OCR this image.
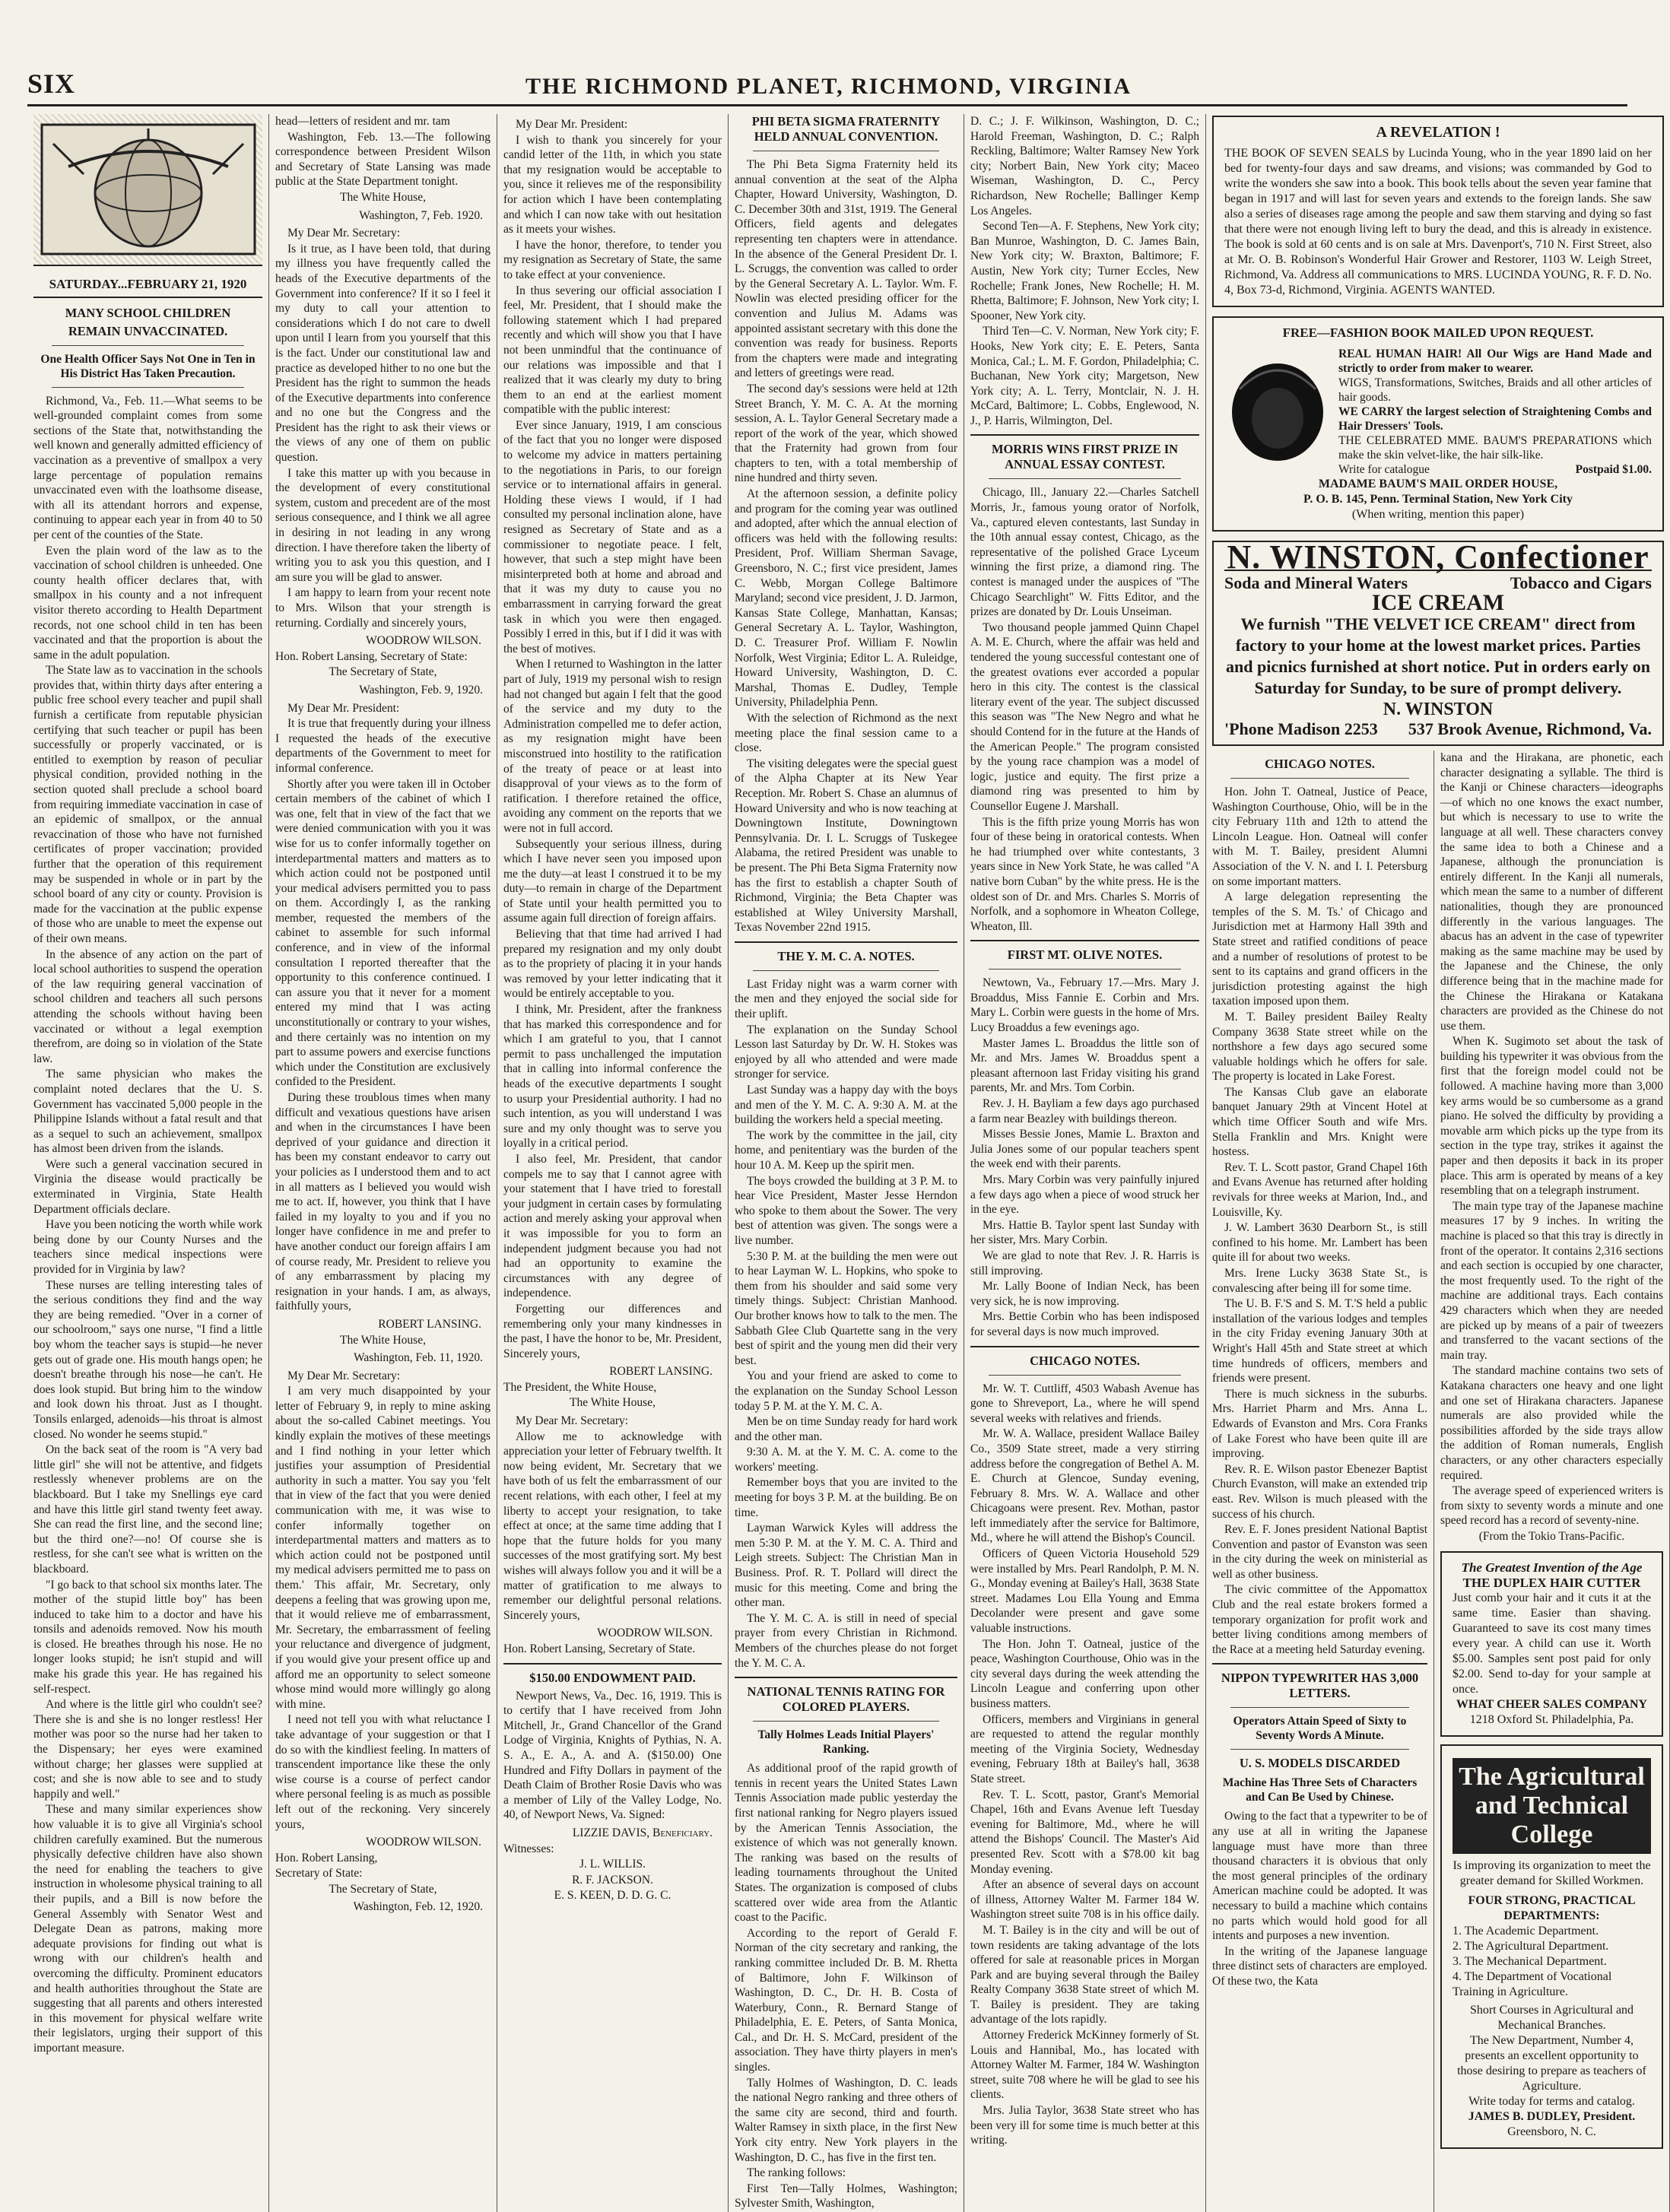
SIX	THE RICHMOND PLANET, RICHMOND, VIRGINIA
SATURDAY...FEBRUARY 21, 1920
MANY SCHOOL CHILDREN
REMAIN UNVACCINATED.
One Health Officer Says Not One in Ten in His District Has Taken Precaution.

Richmond, Va., Feb. 11.—What seems to be well-grounded complaint comes from some sections of the State that, notwithstanding the well known and generally admitted efficiency of vaccination as a preventive of smallpox a very large percentage of population remains unvaccinated even with the loathsome disease, with all its attendant horrors and expense, continuing to appear each year in from 40 to 50 per cent of the counties of the State.

Even the plain word of the law as to the vaccination of school children is unheeded. One county health officer declares that, with smallpox in his county and a not infrequent visitor thereto according to Health Department records, not one school child in ten has been vaccinated and that the proportion is about the same in the adult population.

The State law as to vaccination in the schools provides that, within thirty days after entering a public free school every teacher and pupil shall furnish a certificate from reputable physician certifying that such teacher or pupil has been successfully or properly vaccinated, or is entitled to exemption by reason of peculiar physical condition, provided nothing in the section quoted shall preclude a school board from requiring immediate vaccination in case of an epidemic of smallpox, or the annual revaccination of those who have not furnished certificates of proper vaccination; provided further that the operation of this requirement may be suspended in whole or in part by the school board of any city or county. Provision is made for the vaccination at the public expense of those who are unable to meet the expense out of their own means.

In the absence of any action on the part of local school authorities to suspend the operation of the law requiring general vaccination of school children and teachers all such persons attending the schools without having been vaccinated or without a legal exemption therefrom, are doing so in violation of the State law.

The same physician who makes the complaint noted declares that the U. S. Government has vaccinated 5,000 people in the Philippine Islands without a fatal result and that as a sequel to such an achievement, smallpox has almost been driven from the islands.

Were such a general vaccination secured in Virginia the disease would practically be exterminated in Virginia, State Health Department officials declare.

Have you been noticing the worth while work being done by our County Nurses and the teachers since medical inspections were provided for in Virginia by law?

These nurses are telling interesting tales of the serious conditions they find and the way they are being remedied. "Over in a corner of our schoolroom," says one nurse, "I find a little boy whom the teacher says is stupid—he never gets out of grade one. His mouth hangs open; he doesn't breathe through his nose—he can't. He does look stupid. But bring him to the window and look down his throat. Just as I thought. Tonsils enlarged, adenoids—his throat is almost closed. No wonder he seems stupid."

On the back seat of the room is "A very bad little girl" she will not be attentive, and fidgets restlessly whenever problems are on the blackboard. But I take my Snellings eye card and have this little girl stand twenty feet away. She can read the first line, and the second line; but the third one?—no! Of course she is restless, for she can't see what is written on the blackboard.

"I go back to that school six months later. The mother of the stupid little boy" has been induced to take him to a doctor and have his tonsils and adenoids removed. Now his mouth is closed. He breathes through his nose. He no longer looks stupid; he isn't stupid and will make his grade this year. He has regained his self-respect.

And where is the little girl who couldn't see? There she is and she is no longer restless! Her mother was poor so the nurse had her taken to the Dispensary; her eyes were examined without charge; her glasses were supplied at cost; and she is now able to see and to study happily and well."

These and many similar experiences show how valuable it is to give all Virginia's school children carefully examined. But the numerous physically defective children have also shown the need for enabling the teachers to give instruction in wholesome physical training to all their pupils, and a Bill is now before the General Assembly with Senator West and Delegate Dean as patrons, making more adequate provisions for finding out what is wrong with our children's health and overcoming the difficulty. Prominent educators and health authorities throughout the State are suggesting that all parents and others interested in this movement for physical welfare write their legislators, urging their support of this important measure.

head—letters of resident and mr. tam

Washington, Feb. 13.—The following correspondence between President Wilson and Secretary of State Lansing was made public at the State Department tonight.

The White House,

Washington, 7, Feb. 1920.

My Dear Mr. Secretary:

Is it true, as I have been told, that during my illness you have frequently called the heads of the Executive departments of the Government into conference? If it so I feel it my duty to call your attention to considerations which I do not care to dwell upon until I learn from you yourself that this is the fact. Under our constitutional law and practice as developed hither to no one but the President has the right to summon the heads of the Executive departments into conference and no one but the Congress and the President has the right to ask their views or the views of any one of them on public question.

I take this matter up with you because in the development of every constitutional system, custom and precedent are of the most serious consequence, and I think we all agree in desiring in not leading in any wrong direction. I have therefore taken the liberty of writing you to ask you this question, and I am sure you will be glad to answer.

I am happy to learn from your recent note to Mrs. Wilson that your strength is returning. Cordially and sincerely yours,

WOODROW WILSON.

Hon. Robert Lansing, Secretary of State:

The Secretary of State,

Washington, Feb. 9, 1920.

My Dear Mr. President:

It is true that frequently during your illness I requested the heads of the executive departments of the Government to meet for informal conference.

Shortly after you were taken ill in October certain members of the cabinet of which I was one, felt that in view of the fact that we were denied communication with you it was wise for us to confer informally together on interdepartmental matters and matters as to which action could not be postponed until your medical advisers permitted you to pass on them. Accordingly I, as the ranking member, requested the members of the cabinet to assemble for such informal conference, and in view of the informal consultation I reported thereafter that the opportunity to this conference continued. I can assure you that it never for a moment entered my mind that I was acting unconstitutionally or contrary to your wishes, and there certainly was no intention on my part to assume powers and exercise functions which under the Constitution are exclusively confided to the President.

During these troublous times when many difficult and vexatious questions have arisen and when in the circumstances I have been deprived of your guidance and direction it has been my constant endeavor to carry out your policies as I understood them and to act in all matters as I believed you would wish me to act. If, however, you think that I have failed in my loyalty to you and if you no longer have confidence in me and prefer to have another conduct our foreign affairs I am of course ready, Mr. President to relieve you of any embarrassment by placing my resignation in your hands. I am, as always, faithfully yours,

ROBERT LANSING.

The White House,

Washington, Feb. 11, 1920.

My Dear Mr. Secretary:

I am very much disappointed by your letter of February 9, in reply to mine asking about the so-called Cabinet meetings. You kindly explain the motives of these meetings and I find nothing in your letter which justifies your assumption of Presidential authority in such a matter. You say you 'felt that in view of the fact that you were denied communication with me, it was wise to confer informally together on interdepartmental matters and matters as to which action could not be postponed until my medical advisers permitted me to pass on them.' This affair, Mr. Secretary, only deepens a feeling that was growing upon me, that it would relieve me of embarrassment, Mr. Secretary, the embarrassment of feeling your reluctance and divergence of judgment, if you would give your present office up and afford me an opportunity to select someone whose mind would more willingly go along with mine.

I need not tell you with what reluctance I take advantage of your suggestion or that I do so with the kindliest feeling. In matters of transcendent importance like these the only wise course is a course of perfect candor where personal feeling is as much as possible left out of the reckoning. Very sincerely yours,

WOODROW WILSON.

Hon. Robert Lansing,

Secretary of State:

The Secretary of State,

Washington, Feb. 12, 1920.

My Dear Mr. President:

I wish to thank you sincerely for your candid letter of the 11th, in which you state that my resignation would be acceptable to you, since it relieves me of the responsibility for action which I have been contemplating and which I can now take with out hesitation as it meets your wishes.

I have the honor, therefore, to tender you my resignation as Secretary of State, the same to take effect at your convenience.

In thus severing our official association I feel, Mr. President, that I should make the following statement which I had prepared recently and which will show you that I have not been unmindful that the continuance of our relations was impossible and that I realized that it was clearly my duty to bring them to an end at the earliest moment compatible with the public interest:

Ever since January, 1919, I am conscious of the fact that you no longer were disposed to welcome my advice in matters pertaining to the negotiations in Paris, to our foreign service or to international affairs in general. Holding these views I would, if I had consulted my personal inclination alone, have resigned as Secretary of State and as a commissioner to negotiate peace. I felt, however, that such a step might have been misinterpreted both at home and abroad and that it was my duty to cause you no embarrassment in carrying forward the great task in which you were then engaged. Possibly I erred in this, but if I did it was with the best of motives.

When I returned to Washington in the latter part of July, 1919 my personal wish to resign had not changed but again I felt that the good of the service and my duty to the Administration compelled me to defer action, as my resignation might have been misconstrued into hostility to the ratification of the treaty of peace or at least into disapproval of your views as to the form of ratification. I therefore retained the office, avoiding any comment on the reports that we were not in full accord.

Subsequently your serious illness, during which I have never seen you imposed upon me the duty—at least I construed it to be my duty—to remain in charge of the Department of State until your health permitted you to assume again full direction of foreign affairs.

Believing that that time had arrived I had prepared my resignation and my only doubt as to the propriety of placing it in your hands was removed by your letter indicating that it would be entirely acceptable to you.

I think, Mr. President, after the frankness that has marked this correspondence and for which I am grateful to you, that I cannot permit to pass unchallenged the imputation that in calling into informal conference the heads of the executive departments I sought to usurp your Presidential authority. I had no such intention, as you will understand I was sure and my only thought was to serve you loyally in a critical period.

I also feel, Mr. President, that candor compels me to say that I cannot agree with your statement that I have tried to forestall your judgment in certain cases by formulating action and merely asking your approval when it was impossible for you to form an independent judgment because you had not had an opportunity to examine the circumstances with any degree of independence.

Forgetting our differences and remembering only your many kindnesses in the past, I have the honor to be, Mr. President, Sincerely yours,

ROBERT LANSING.

The President, the White House,

The White House,

My Dear Mr. Secretary:

Allow me to acknowledge with appreciation your letter of February twelfth. It now being evident, Mr. Secretary that we have both of us felt the embarrassment of our recent relations, with each other, I feel at my liberty to accept your resignation, to take effect at once; at the same time adding that I hope that the future holds for you many successes of the most gratifying sort. My best wishes will always follow you and it will be a matter of gratification to me always to remember our delightful personal relations. Sincerely yours,

WOODROW WILSON.

Hon. Robert Lansing, Secretary of State.

$150.00 ENDOWMENT PAID.

Newport News, Va., Dec. 16, 1919. This is to certify that I have received from John Mitchell, Jr., Grand Chancellor of the Grand Lodge of Virginia, Knights of Pythias, N. A. S. A., E. A., A. and A. ($150.00) One Hundred and Fifty Dollars in payment of the Death Claim of Brother Rosie Davis who was a member of Lily of the Valley Lodge, No. 40, of Newport News, Va. Signed:

LIZZIE DAVIS, Beneficiary.

Witnesses:

J. L. WILLIS.

R. F. JACKSON.

E. S. KEEN, D. D. G. C.

PHI BETA SIGMA FRATERNITY HELD ANNUAL CONVENTION.

The Phi Beta Sigma Fraternity held its annual convention at the seat of the Alpha Chapter, Howard University, Washington, D. C. December 30th and 31st, 1919. The General Officers, field agents and delegates representing ten chapters were in attendance. In the absence of the General President Dr. I. L. Scruggs, the convention was called to order by the General Secretary A. L. Taylor. Wm. F. Nowlin was elected presiding officer for the convention and Julius M. Adams was appointed assistant secretary with this done the convention was ready for business. Reports from the chapters were made and integrating and letters of greetings were read.

The second day's sessions were held at 12th Street Branch, Y. M. C. A. At the morning session, A. L. Taylor General Secretary made a report of the work of the year, which showed that the Fraternity had grown from four chapters to ten, with a total membership of nine hundred and thirty seven.

At the afternoon session, a definite policy and program for the coming year was outlined and adopted, after which the annual election of officers was held with the following results: President, Prof. William Sherman Savage, Greensboro, N. C.; first vice president, James C. Webb, Morgan College Baltimore Maryland; second vice president, J. D. Jarmon, Kansas State College, Manhattan, Kansas; General Secretary A. L. Taylor, Washington, D. C. Treasurer Prof. William F. Nowlin Norfolk, West Virginia; Editor L. A. Ruleidge, Howard University, Washington, D. C. Marshal, Thomas E. Dudley, Temple University, Philadelphia Penn.

With the selection of Richmond as the next meeting place the final session came to a close.

The visiting delegates were the special guest of the Alpha Chapter at its New Year Reception. Mr. Robert S. Chase an alumnus of Howard University and who is now teaching at Downingtown Institute, Downingtown Pennsylvania. Dr. I. L. Scruggs of Tuskegee Alabama, the retired President was unable to be present. The Phi Beta Sigma Fraternity now has the first to establish a chapter South of Richmond, Virginia; the Beta Chapter was established at Wiley University Marshall, Texas November 22nd 1915.

THE Y. M. C. A. NOTES.

Last Friday night was a warm corner with the men and they enjoyed the social side for their uplift.

The explanation on the Sunday School Lesson last Saturday by Dr. W. H. Stokes was enjoyed by all who attended and were made stronger for service.

Last Sunday was a happy day with the boys and men of the Y. M. C. A. 9:30 A. M. at the building the workers held a special meeting.

The work by the committee in the jail, city home, and penitentiary was the burden of the hour 10 A. M. Keep up the spirit men.

The boys crowded the building at 3 P. M. to hear Vice President, Master Jesse Herndon who spoke to them about the Sower. The very best of attention was given. The songs were a live number.

5:30 P. M. at the building the men were out to hear Layman W. L. Hopkins, who spoke to them from his shoulder and said some very timely things. Subject: Christian Manhood. Our brother knows how to talk to the men. The Sabbath Glee Club Quartette sang in the very best of spirit and the young men did their very best.

You and your friend are asked to come to the explanation on the Sunday School Lesson today 5 P. M. at the Y. M. C. A.

Men be on time Sunday ready for hard work and the other man.

9:30 A. M. at the Y. M. C. A. come to the workers' meeting.

Remember boys that you are invited to the meeting for boys 3 P. M. at the building. Be on time.

Layman Warwick Kyles will address the men 5:30 P. M. at the Y. M. C. A. Third and Leigh streets. Subject: The Christian Man in Business. Prof. R. T. Pollard will direct the music for this meeting. Come and bring the other man.

The Y. M. C. A. is still in need of special prayer from every Christian in Richmond. Members of the churches please do not forget the Y. M. C. A.

NATIONAL TENNIS RATING FOR COLORED PLAYERS.
Tally Holmes Leads Initial Players' Ranking.

As additional proof of the rapid growth of tennis in recent years the United States Lawn Tennis Association made public yesterday the first national ranking for Negro players issued by the American Tennis Association, the existence of which was not generally known. The ranking was based on the results of leading tournaments throughout the United States. The organization is composed of clubs scattered over wide area from the Atlantic coast to the Pacific.

According to the report of Gerald F. Norman of the city secretary and ranking, the ranking committee included Dr. B. M. Rhetta of Baltimore, John F. Wilkinson of Washington, D. C., Dr. H. B. Costa of Waterbury, Conn., R. Bernard Stange of Philadelphia, E. E. Peters, of Santa Monica, Cal., and Dr. H. S. McCard, president of the association. They have thirty players in men's singles.

Tally Holmes of Washington, D. C. leads the national Negro ranking and three others of the same city are second, third and fourth. Walter Ramsey in sixth place, in the first New York city entry. New York players in the Washington, D. C., has five in the first ten.

The ranking follows:

First Ten—Tally Holmes, Washington; Sylvester Smith, Washington,

D. C.; J. F. Wilkinson, Washington, D. C.; Harold Freeman, Washington, D. C.; Ralph Reckling, Baltimore; Walter Ramsey New York city; Norbert Bain, New York city; Maceo Wiseman, Washington, D. C., Percy Richardson, New Rochelle; Ballinger Kemp Los Angeles.

Second Ten—A. F. Stephens, New York city; Ban Munroe, Washington, D. C. James Bain, New York city; W. Braxton, Baltimore; F. Austin, New York city; Turner Eccles, New Rochelle; Frank Jones, New Rochelle; H. M. Rhetta, Baltimore; F. Johnson, New York city; I. Spooner, New York city.

Third Ten—C. V. Norman, New York city; F. Hooks, New York city; E. E. Peters, Santa Monica, Cal.; L. M. F. Gordon, Philadelphia; C. Buchanan, New York city; Margetson, New York city; A. L. Terry, Montclair, N. J. H. McCard, Baltimore; L. Cobbs, Englewood, N. J., P. Harris, Wilmington, Del.

MORRIS WINS FIRST PRIZE IN ANNUAL ESSAY CONTEST.

Chicago, Ill., January 22.—Charles Satchell Morris, Jr., famous young orator of Norfolk, Va., captured eleven contestants, last Sunday in the 10th annual essay contest, Chicago, as the representative of the polished Grace Lyceum winning the first prize, a diamond ring. The contest is managed under the auspices of "The Chicago Searchlight" W. Fitts Editor, and the prizes are donated by Dr. Louis Unseiman.

Two thousand people jammed Quinn Chapel A. M. E. Church, where the affair was held and tendered the young successful contestant one of the greatest ovations ever accorded a popular hero in this city. The contest is the classical literary event of the year. The subject discussed this season was "The New Negro and what he should Contend for in the future at the Hands of the American People." The program consisted by the young race champion was a model of logic, justice and equity. The first prize a diamond ring was presented to him by Counsellor Eugene J. Marshall.

This is the fifth prize young Morris has won four of these being in oratorical contests. When he had triumphed over white contestants, 3 years since in New York State, he was called "A native born Cuban" by the white press. He is the oldest son of Dr. and Mrs. Charles S. Morris of Norfolk, and a sophomore in Wheaton College, Wheaton, Ill.

FIRST MT. OLIVE NOTES.

Newtown, Va., February 17.—Mrs. Mary J. Broaddus, Miss Fannie E. Corbin and Mrs. Mary L. Corbin were guests in the home of Mrs. Lucy Broaddus a few evenings ago.

Master James L. Broaddus the little son of Mr. and Mrs. James W. Broaddus spent a pleasant afternoon last Friday visiting his grand parents, Mr. and Mrs. Tom Corbin.

Rev. J. H. Bayliam a few days ago purchased a farm near Beazley with buildings thereon.

Misses Bessie Jones, Mamie L. Braxton and Julia Jones some of our popular teachers spent the week end with their parents.

Mrs. Mary Corbin was very painfully injured a few days ago when a piece of wood struck her in the eye.

Mrs. Hattie B. Taylor spent last Sunday with her sister, Mrs. Mary Corbin.

We are glad to note that Rev. J. R. Harris is still improving.

Mr. Lally Boone of Indian Neck, has been very sick, he is now improving.

Mrs. Bettie Corbin who has been indisposed for several days is now much improved.

CHICAGO NOTES.

Mr. W. T. Cuttliff, 4503 Wabash Avenue has gone to Shreveport, La., where he will spend several weeks with relatives and friends.

Mr. W. A. Wallace, president Wallace Bailey Co., 3509 State street, made a very stirring address before the congregation of Bethel A. M. E. Church at Glencoe, Sunday evening, February 8. Mrs. W. A. Wallace and other Chicagoans were present. Rev. Mothan, pastor left immediately after the service for Baltimore, Md., where he will attend the Bishop's Council.

Officers of Queen Victoria Household 529 were installed by Mrs. Pearl Randolph, P. M. N. G., Monday evening at Bailey's Hall, 3638 State street. Madames Lou Ella Young and Emma Decolander were present and gave some valuable instructions.

The Hon. John T. Oatneal, justice of the peace, Washington Courthouse, Ohio was in the city several days during the week attending the Lincoln League and conferring upon other business matters.

Officers, members and Virginians in general are requested to attend the regular monthly meeting of the Virginia Society, Wednesday evening, February 18th at Bailey's hall, 3638 State street.

Rev. T. L. Scott, pastor, Grant's Memorial Chapel, 16th and Evans Avenue left Tuesday evening for Baltimore, Md., where he will attend the Bishops' Council. The Master's Aid presented Rev. Scott with a $78.00 kit bag Monday evening.

After an absence of several days on account of illness, Attorney Walter M. Farmer 184 W. Washington street suite 708 is in his office daily.

M. T. Bailey is in the city and will be out of town residents are taking advantage of the lots offered for sale at reasonable prices in Morgan Park and are buying several through the Bailey Realty Company 3638 State street of which M. T. Bailey is president. They are taking advantage of the lots rapidly.

Attorney Frederick McKinney formerly of St. Louis and Hannibal, Mo., has located with Attorney Walter M. Farmer, 184 W. Washington street, suite 708 where he will be glad to see his clients.

Mrs. Julia Taylor, 3638 State street who has been very ill for some time is much better at this writing.

A REVELATION !
THE BOOK OF SEVEN SEALS by Lucinda Young, who in the year 1890 laid on her bed for twenty-four days and saw dreams, and visions; was commanded by God to write the wonders she saw into a book. This book tells about the seven year famine that began in 1917 and will last for seven years and extends to the foreign lands. She saw also a series of diseases rage among the people and saw them starving and dying so fast that there were not enough living left to bury the dead, and this is already in existence. The book is sold at 60 cents and is on sale at Mrs. Davenport's, 710 N. First Street, also at Mr. O. B. Robinson's Wonderful Hair Grower and Restorer, 1103 W. Leigh Street, Richmond, Va. Address all communications to MRS. LUCINDA YOUNG, R. F. D. No. 4, Box 73-d, Richmond, Virginia. AGENTS WANTED.
FREE—FASHION BOOK MAILED UPON REQUEST.
REAL HUMAN HAIR! All Our Wigs are Hand Made and strictly to order from maker to wearer.
WIGS, Transformations, Switches, Braids and all other articles of hair goods.
WE CARRY the largest selection of Straightening Combs and Hair Dressers' Tools.
THE CELEBRATED MME. BAUM'S PREPARATIONS which make the skin velvet-like, the hair silk-like.
Write for catalogue	Postpaid $1.00.
MADAME BAUM'S MAIL ORDER HOUSE,
P. O. B. 145, Penn. Terminal Station, New York City
(When writing, mention this paper)
N. WINSTON, Confectioner
Soda and Mineral Waters	Tobacco and Cigars
ICE CREAM
We furnish "THE VELVET ICE CREAM" direct from factory to your home at the lowest market prices. Parties and picnics furnished at short notice. Put in orders early on Saturday for Sunday, to be sure of prompt delivery.
N. WINSTON
'Phone Madison 2253 537 Brook Avenue, Richmond, Va.
CHICAGO NOTES.

Hon. John T. Oatneal, Justice of Peace, Washington Courthouse, Ohio, will be in the city February 11th and 12th to attend the Lincoln League. Hon. Oatneal will confer with M. T. Bailey, president Alumni Association of the V. N. and I. I. Petersburg on some important matters.

A large delegation representing the temples of the S. M. Ts.' of Chicago and Jurisdiction met at Harmony Hall 39th and State street and ratified conditions of peace and a number of resolutions of protest to be sent to its captains and grand officers in the jurisdiction protesting against the high taxation imposed upon them.

M. T. Bailey president Bailey Realty Company 3638 State street while on the northshore a few days ago secured some valuable holdings which he offers for sale. The property is located in Lake Forest.

The Kansas Club gave an elaborate banquet January 29th at Vincent Hotel at which time Officer South and wife Mrs. Stella Franklin and Mrs. Knight were hostess.

Rev. T. L. Scott pastor, Grand Chapel 16th and Evans Avenue has returned after holding revivals for three weeks at Marion, Ind., and Louisville, Ky.

J. W. Lambert 3630 Dearborn St., is still confined to his home. Mr. Lambert has been quite ill for about two weeks.

Mrs. Irene Lucky 3638 State St., is convalescing after being ill for some time.

The U. B. F.'S and S. M. T.'S held a public installation of the various lodges and temples in the city Friday evening January 30th at Wright's Hall 45th and State street at which time hundreds of officers, members and friends were present.

There is much sickness in the suburbs. Mrs. Harriet Pharm and Mrs. Anna L. Edwards of Evanston and Mrs. Cora Franks of Lake Forest who have been quite ill are improving.

Rev. R. E. Wilson pastor Ebenezer Baptist Church Evanston, will make an extended trip east. Rev. Wilson is much pleased with the success of his church.

Rev. E. F. Jones president National Baptist Convention and pastor of Evanston was seen in the city during the week on ministerial as well as other business.

The civic committee of the Appomattox Club and the real estate brokers formed a temporary organization for profit work and better living conditions among members of the Race at a meeting held Saturday evening.

NIPPON TYPEWRITER HAS 3,000 LETTERS.
Operators Attain Speed of Sixty to Seventy Words A Minute.
U. S. MODELS DISCARDED
Machine Has Three Sets of Characters and Can Be Used by Chinese.

Owing to the fact that a typewriter to be of any use at all in writing the Japanese language must have more than three thousand characters it is obvious that only the most general principles of the ordinary American machine could be adopted. It was necessary to build a machine which contains no parts which would hold good for all intents and purposes a new invention.

In the writing of the Japanese language three distinct sets of characters are employed. Of these two, the Kata

kana and the Hirakana, are phonetic, each character designating a syllable. The third is the Kanji or Chinese characters—ideographs—of which no one knows the exact number, but which is necessary to use to write the language at all well. These characters convey the same idea to both a Chinese and a Japanese, although the pronunciation is entirely different. In the Kanji all numerals, which mean the same to a number of different nationalities, though they are pronounced differently in the various languages. The abacus has an advent in the case of typewriter making as the same machine may be used by the Japanese and the Chinese, the only difference being that in the machine made for the Chinese the Hirakana or Katakana characters are provided as the Chinese do not use them.

When K. Sugimoto set about the task of building his typewriter it was obvious from the first that the foreign model could not be followed. A machine having more than 3,000 key arms would be so cumbersome as a grand piano. He solved the difficulty by providing a movable arm which picks up the type from its section in the type tray, strikes it against the paper and then deposits it back in its proper place. This arm is operated by means of a key resembling that on a telegraph instrument.

The main type tray of the Japanese machine measures 17 by 9 inches. In writing the machine is placed so that this tray is directly in front of the operator. It contains 2,316 sections and each section is occupied by one character, the most frequently used. To the right of the machine are additional trays. Each contains 429 characters which when they are needed are picked up by means of a pair of tweezers and transferred to the vacant sections of the main tray.

The standard machine contains two sets of Katakana characters one heavy and one light and one set of Hirakana characters. Japanese numerals are also provided while the possibilities afforded by the side trays allow the addition of Roman numerals, English characters, or any other characters especially required.

The average speed of experienced writers is from sixty to seventy words a minute and one speed record has a record of seventy-nine.

(From the Tokio Trans-Pacific.

The Greatest Invention of the Age
THE DUPLEX HAIR CUTTER
Just comb your hair and it cuts it at the same time. Easier than shaving. Guaranteed to save its cost many times every year. A child can use it. Worth $5.00. Samples sent post paid for only $2.00. Send to-day for your sample at once.
WHAT CHEER SALES COMPANY
1218 Oxford St. Philadelphia, Pa.
The Agricultural and Technical College
Is improving its organization to meet the greater demand for Skilled Workmen.
FOUR STRONG, PRACTICAL DEPARTMENTS:
1. The Academic Department.
2. The Agricultural Department.
3. The Mechanical Department.
4. The Department of Vocational Training in Agriculture.
Short Courses in Agricultural and Mechanical Branches.
The New Department, Number 4, presents an excellent opportunity to those desiring to prepare as teachers of Agriculture.
Write today for terms and catalog.
JAMES B. DUDLEY, President.
Greensboro, N. C.
